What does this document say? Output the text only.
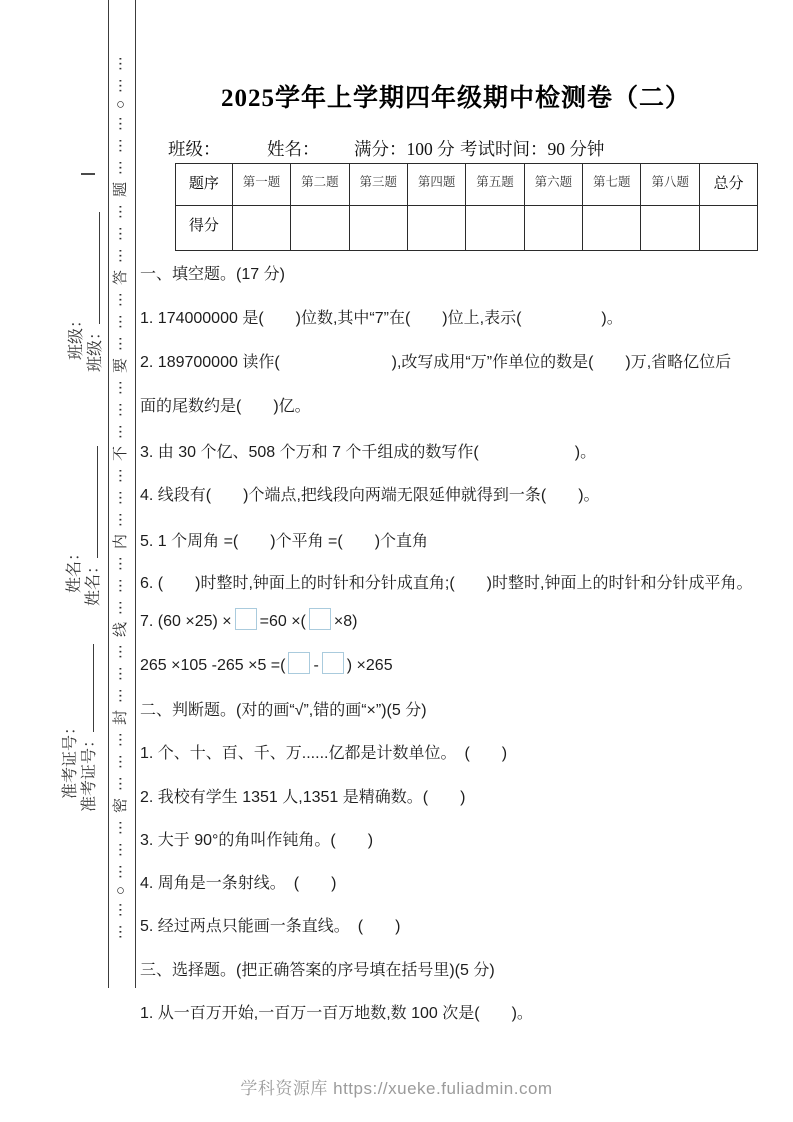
⋯⋯○⋯⋯⋯密⋯⋯⋯封⋯⋯⋯线⋯⋯⋯内⋯⋯⋯不⋯⋯⋯要⋯⋯⋯答⋯⋯⋯题⋯⋯⋯○⋯⋯
班级： 班级：
姓名： 姓名：
准考证号： 准考证号：
2025学年上学期四年级期中检测卷（二）
班级：	姓名： 满分：100 分 考试时间：90 分钟
题序	第一题	第二题	第三题	第四题	第五题	第六题	第七题	第八题	总分
得分									

一、填空题。(17 分)

1. 174000000 是(　　)位数,其中“7”在(　　)位上,表示(　　　　　)。

2. 189700000 读作(　　　　　　　),改写成用“万”作单位的数是(　　)万,省略亿位后

面的尾数约是(　　)亿。

3. 由 30 个亿、508 个万和 7 个千组成的数写作(　　　　　　)。

4. 线段有(　　)个端点,把线段向两端无限延伸就得到一条(　　)。

5. 1 个周角 =(　　)个平角 =(　　)个直角

6. (　　)时整时,钟面上的时针和分针成直角;(　　)时整时,钟面上的时针和分针成平角。

7. (60 ×25) × =60 ×( ×8)

265 ×105 -265 ×5 =( - ) ×265

二、判断题。(对的画“√”,错的画“×”)(5 分)

1. 个、十、百、千、万......亿都是计数单位。　(　　)

2. 我校有学生 1351 人,1351 是精确数。(　　)

3. 大于 90°的角叫作钝角。(　　)

4. 周角是一条射线。　(　　)

5. 经过两点只能画一条直线。　(　　)

三、选择题。(把正确答案的序号填在括号里)(5 分)

1. 从一百万开始,一百万一百万地数,数 100 次是(　　)。

学科资源库 https://xueke.fuliadmin.com
